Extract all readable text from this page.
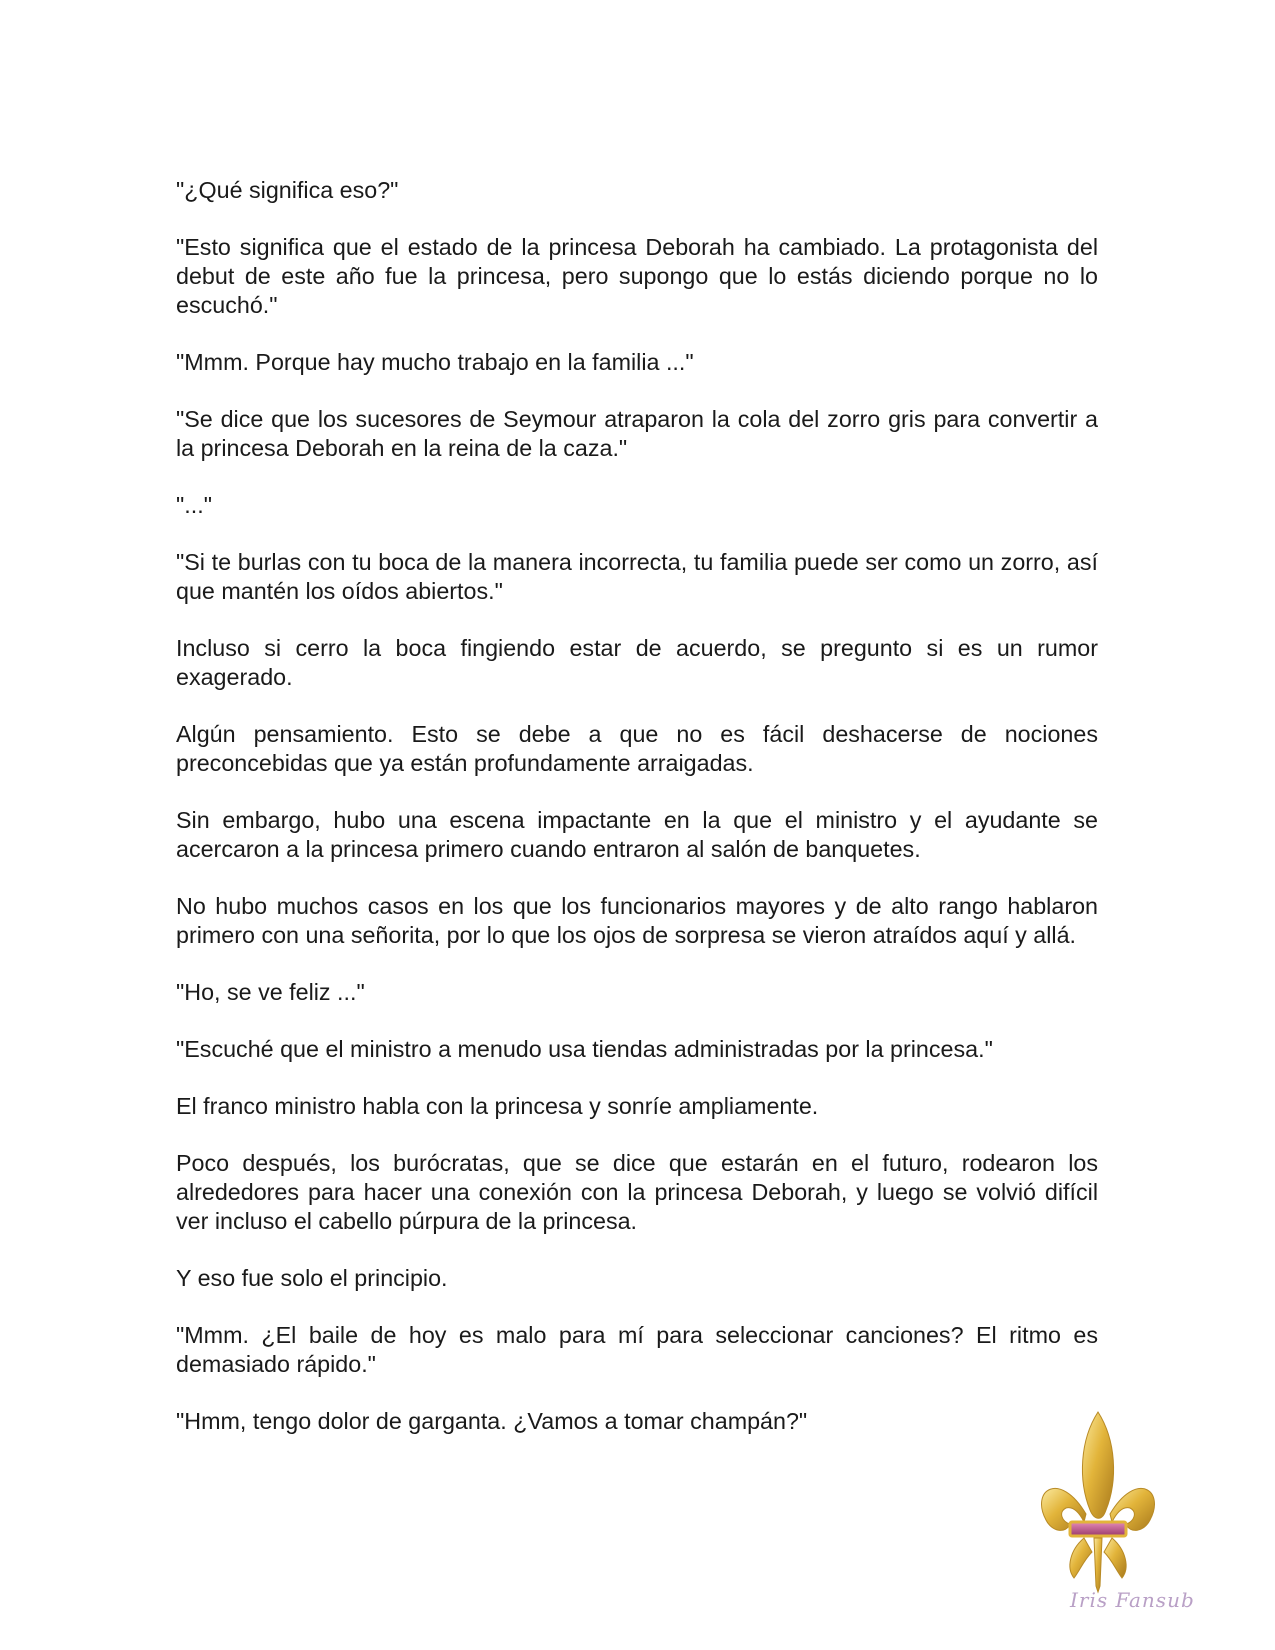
"¿Qué significa eso?"

"Esto significa que el estado de la princesa Deborah ha cambiado. La protagonista del debut de este año fue la princesa, pero supongo que lo estás diciendo porque no lo escuchó."

"Mmm. Porque hay mucho trabajo en la familia ..."

"Se dice que los sucesores de Seymour atraparon la cola del zorro gris para convertir a la princesa Deborah en la reina de la caza."

"..."

"Si te burlas con tu boca de la manera incorrecta, tu familia puede ser como un zorro, así que mantén los oídos abiertos."

Incluso si cerro la boca fingiendo estar de acuerdo, se pregunto si es un rumor exagerado.

Algún pensamiento. Esto se debe a que no es fácil deshacerse de nociones preconcebidas que ya están profundamente arraigadas.

Sin embargo, hubo una escena impactante en la que el ministro y el ayudante se acercaron a la princesa primero cuando entraron al salón de banquetes.

No hubo muchos casos en los que los funcionarios mayores y de alto rango hablaron primero con una señorita, por lo que los ojos de sorpresa se vieron atraídos aquí y allá.

"Ho, se ve feliz ..."

"Escuché que el ministro a menudo usa tiendas administradas por la princesa."

El franco ministro habla con la princesa y sonríe ampliamente.

Poco después, los burócratas, que se dice que estarán en el futuro, rodearon los alrededores para hacer una conexión con la princesa Deborah, y luego se volvió difícil ver incluso el cabello púrpura de la princesa.

Y eso fue solo el principio.

"Mmm. ¿El baile de hoy es malo para mí para seleccionar canciones? El ritmo es demasiado rápido."

"Hmm, tengo dolor de garganta. ¿Vamos a tomar champán?"

Iris Fansub
